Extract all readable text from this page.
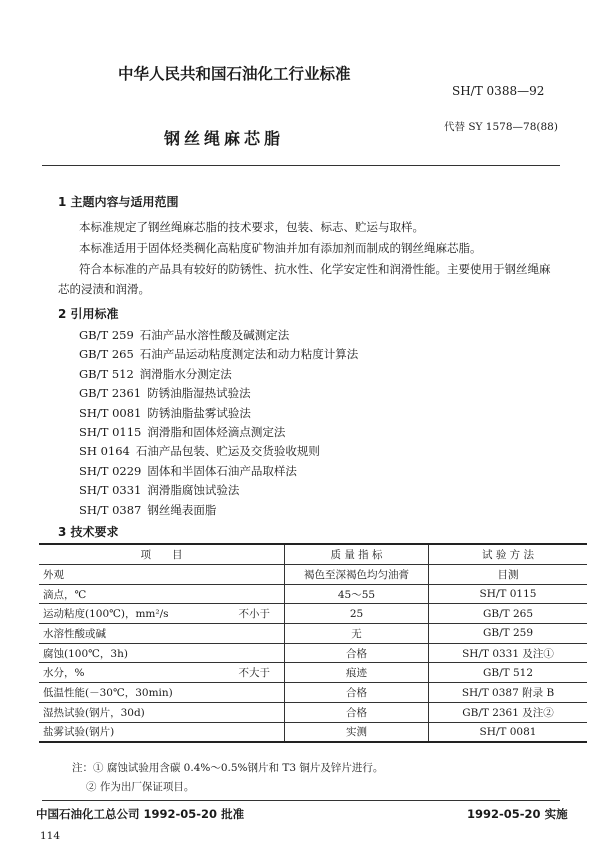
中华人民共和国石油化工行业标准
SH/T 0388—92
钢丝绳麻芯脂
代替 SY 1578—78(88)
1 主题内容与适用范围
本标准规定了钢丝绳麻芯脂的技术要求，包装、标志、贮运与取样。
本标准适用于固体烃类稠化高粘度矿物油并加有添加剂而制成的钢丝绳麻芯脂。
符合本标准的产品具有较好的防锈性、抗水性、化学安定性和润滑性能。主要使用于钢丝绳麻
芯的浸渍和润滑。
2 引用标准
GB/T 259 石油产品水溶性酸及碱测定法
GB/T 265 石油产品运动粘度测定法和动力粘度计算法
GB/T 512 润滑脂水分测定法
GB/T 2361 防锈油脂湿热试验法
SH/T 0081 防锈油脂盐雾试验法
SH/T 0115 润滑脂和固体烃滴点测定法
SH 0164 石油产品包装、贮运及交货验收规则
SH/T 0229 固体和半固体石油产品取样法
SH/T 0331 润滑脂腐蚀试验法
SH/T 0387 钢丝绳表面脂
3 技术要求
项　　目	质 量 指 标	试 验 方 法

外观	褐色至深褐色均匀油膏	目测

滴点，℃	45～55	SH/T 0115

运动粘度(100℃)，mm²/s 不小于	25	GB/T 265

水溶性酸或碱	无	GB/T 259

腐蚀(100℃，3h)	合格	SH/T 0331 及注①

水分，% 不大于	痕迹	GB/T 512

低温性能(－30℃，30min)	合格	SH/T 0387 附录 B

湿热试验(钢片，30d)	合格	GB/T 2361 及注②

盐雾试验(钢片)	实测	SH/T 0081
注：① 腐蚀试验用含碳 0.4%～0.5%钢片和 T3 铜片及锌片进行。
② 作为出厂保证项目。
中国石油化工总公司 1992-05-20 批准	1992-05-20 实施
114
